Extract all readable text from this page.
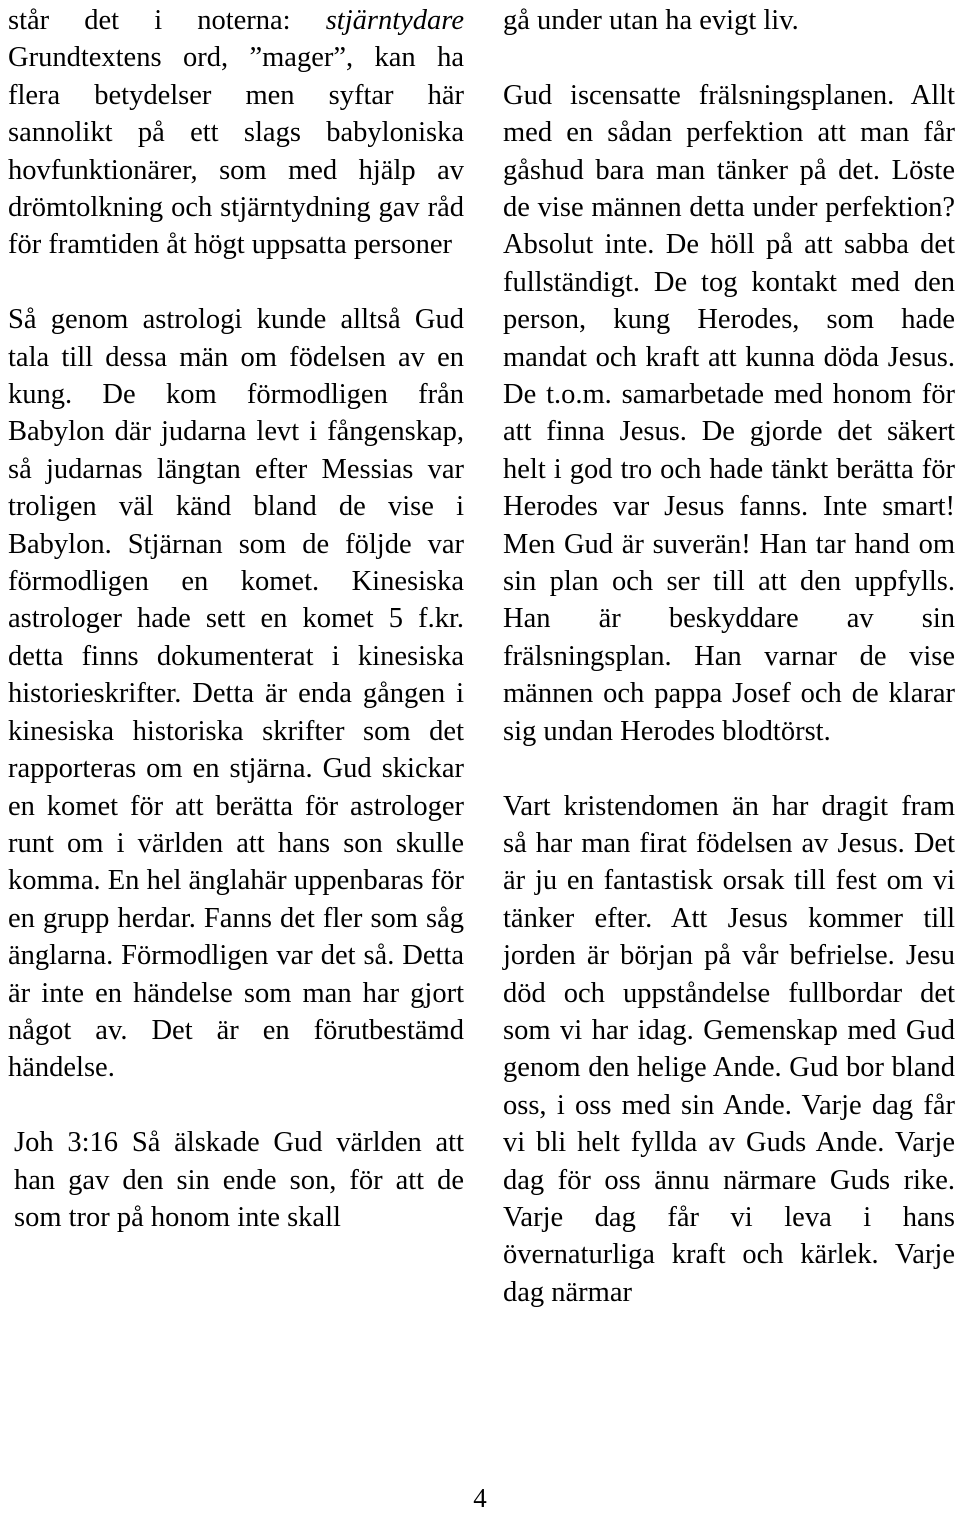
står det i noterna: stjärntydare Grundtextens ord, ”mager”, kan ha flera betydelser men syftar här sannolikt på ett slags babyloniska hovfunktionärer, som med hjälp av drömtolkning och stjärntydning gav råd för framtiden åt högt uppsatta personer

Så genom astrologi kunde alltså Gud tala till dessa män om födelsen av en kung. De kom förmodligen från Babylon där judarna levt i fångenskap, så judarnas längtan efter Messias var troligen väl känd bland de vise i Babylon. Stjärnan som de följde var förmodligen en komet. Kinesiska astrologer hade sett en komet 5 f.kr. detta finns dokumenterat i kinesiska historieskrifter. Detta är enda gången i kinesiska historiska skrifter som det rapporteras om en stjärna. Gud skickar en komet för att berätta för astrologer runt om i världen att hans son skulle komma. En hel änglahär uppenbaras för en grupp herdar. Fanns det fler som såg änglarna. Förmodligen var det så. Detta är inte en händelse som man har gjort något av. Det är en förutbestämd händelse.

Joh 3:16 Så älskade Gud världen att han gav den sin ende son, för att de som tror på honom inte skall

gå under utan ha evigt liv.

Gud iscensatte frälsningsplanen. Allt med en sådan perfektion att man får gåshud bara man tänker på det. Löste de vise männen detta under perfektion? Absolut inte. De höll på att sabba det fullständigt. De tog kontakt med den person, kung Herodes, som hade mandat och kraft att kunna döda Jesus. De t.o.m. samarbetade med honom för att finna Jesus. De gjorde det säkert helt i god tro och hade tänkt berätta för Herodes var Jesus fanns. Inte smart! Men Gud är suverän! Han tar hand om sin plan och ser till att den uppfylls. Han är beskyddare av sin frälsningsplan. Han varnar de vise männen och pappa Josef och de klarar sig undan Herodes blodtörst.

Vart kristendomen än har dragit fram så har man firat födelsen av Jesus. Det är ju en fantastisk orsak till fest om vi tänker efter. Att Jesus kommer till jorden är början på vår befrielse. Jesu död och uppståndelse fullbordar det som vi har idag. Gemenskap med Gud genom den helige Ande. Gud bor bland oss, i oss med sin Ande. Varje dag får vi bli helt fyllda av Guds Ande. Varje dag för oss ännu närmare Guds rike. Varje dag får vi leva i hans övernaturliga kraft och kärlek. Varje dag närmar

4
